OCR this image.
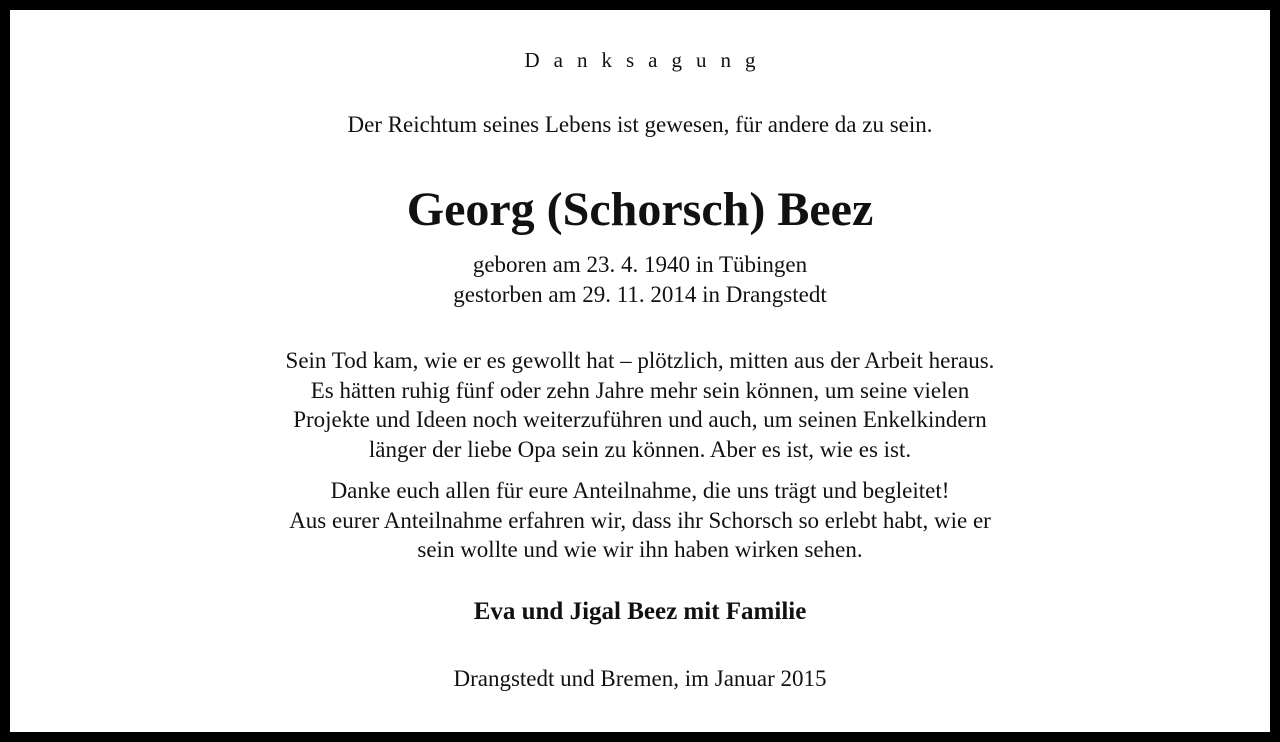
Danksagung
Der Reichtum seines Lebens ist gewesen, für andere da zu sein.
Georg (Schorsch) Beez
geboren am 23. 4. 1940 in Tübingen
gestorben am 29. 11. 2014 in Drangstedt
Sein Tod kam, wie er es gewollt hat – plötzlich, mitten aus der Arbeit heraus.
Es hätten ruhig fünf oder zehn Jahre mehr sein können, um seine vielen
Projekte und Ideen noch weiterzuführen und auch, um seinen Enkelkindern
länger der liebe Opa sein zu können. Aber es ist, wie es ist.
Danke euch allen für eure Anteilnahme, die uns trägt und begleitet!
Aus eurer Anteilnahme erfahren wir, dass ihr Schorsch so erlebt habt, wie er
sein wollte und wie wir ihn haben wirken sehen.
Eva und Jigal Beez mit Familie
Drangstedt und Bremen, im Januar 2015
